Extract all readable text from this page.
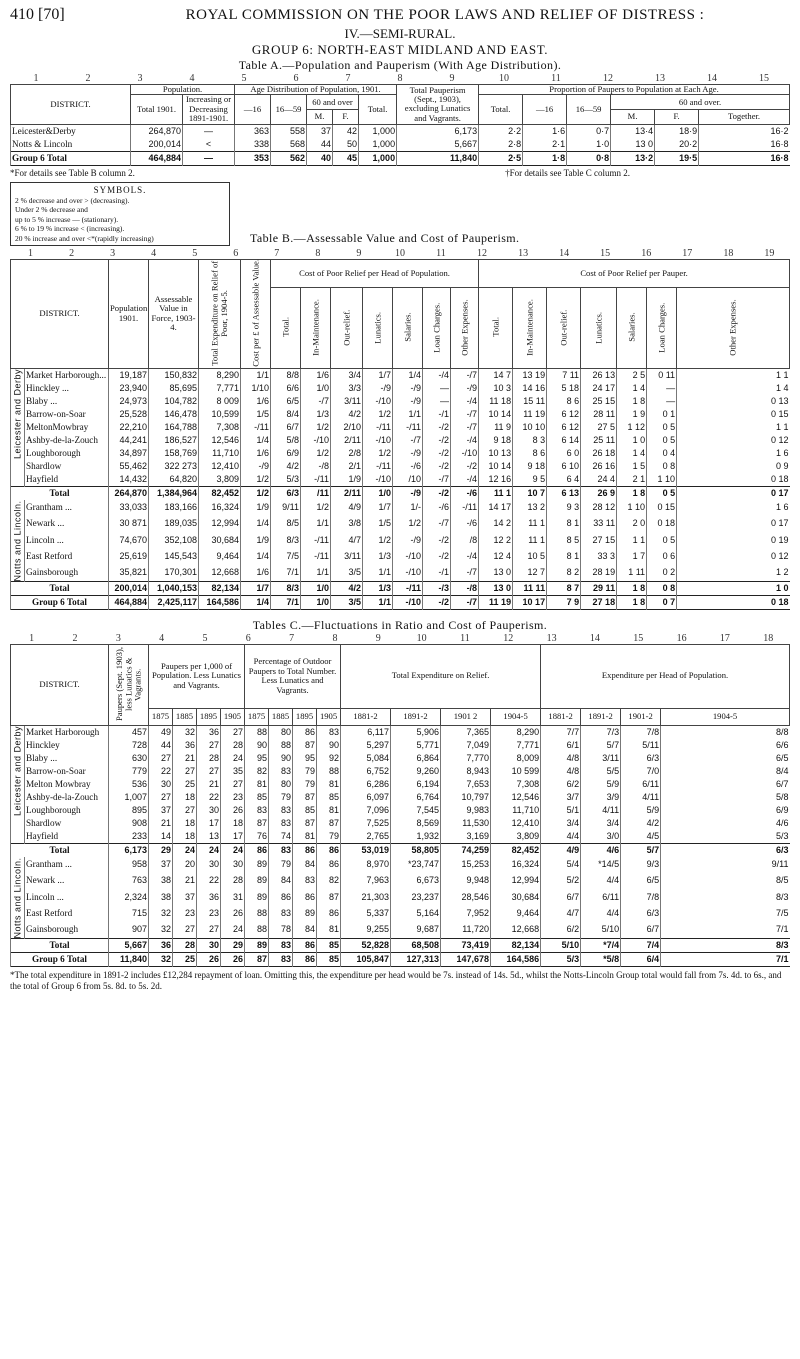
410 [70]	ROYAL COMMISSION ON THE POOR LAWS AND RELIEF OF DISTRESS :
IV.—SEMI-RURAL.
GROUP 6: NORTH-EAST MIDLAND AND EAST.
Table A.—Population and Pauperism (With Age Distribution).
1	2	3	4	5	6	7	8	9	10	11	12	13	14	15
DISTRICT.	Population.		Age Distribution of Population, 1901.					Total Pauperism (Sept., 1903), excluding Lunatics and Vagrants.	Proportion of Paupers to Population at Each Age.					
	Total 1901.	Increasing or Decreasing 1891-1901.	—16	16—59	60 and over		Total.		Total.	—16	16—59	60 and over.		
					M.	F.						M.	F.	Together.
Leicester&Derby	264,870	—	363	558	37	42	1,000	6,173	2·2	1·6	0·7	13·4	18·9	16·2
Notts & Lincoln	200,014	<	338	568	44	50	1,000	5,667	2·8	2·1	1·0	13 0	20·2	16·8
Group 6 Total	464,884	—	353	562	40	45	1,000	11,840	2·5	1·8	0·8	13·2	19·5	16·8
*For details see Table B column 2.	†For details see Table C column 2.
SYMBOLS.
2 % decrease and over > (decreasing).
Under 2 % decrease and
up to 5 % increase — (stationary).
6 % to 19 % increase < (increasing).
20 % increase and over <*(rapidly increasing)	Table B.—Assessable Value and Cost of Pauperism.
1	2	3	4	5	6	7	8	9	10	11	12	13	14	15	16	17	18	19
DISTRICT.		Population 1901.	Assessable Value in Force, 1903-4.	Total Expenditure on Relief of Poor, 1904-5.	Cost per £ of Assessable Value.	Cost of Poor Relief per Head of Population.							Cost of Poor Relief per Pauper.						
						Total.	In-Maintenance.	Out-relief.	Lunatics.	Salaries.	Loan Charges.	Other Expenses.	Total.	In-Maintenance.	Out-relief.	Lunatics.	Salaries.	Loan Charges.	Other Expenses.
Leicester and Derby	Market Harborough...	19,187	150,832	8,290	1/1	8/8	1/6	3/4	1/7	1/4	-/4	-/7	14 7	13 19	7 11	26 13	2 5	0 11	1 1
	Hinckley ...	23,940	85,695	7,771	1/10	6/6	1/0	3/3	-/9	-/9	—	-/9	10 3	14 16	5 18	24 17	1 4	—	1 4
	Blaby ...	24,973	104,782	8 009	1/6	6/5	-/7	3/11	-/10	-/9	—	-/4	11 18	15 11	8 6	25 15	1 8	—	0 13
	Barrow-on-Soar	25,528	146,478	10,599	1/5	8/4	1/3	4/2	1/2	1/1	-/1	-/7	10 14	11 19	6 12	28 11	1 9	0 1	0 15
	MeltonMowbray	22,210	164,788	7,308	-/11	6/7	1/2	2/10	-/11	-/11	-/2	-/7	11 9	10 10	6 12	27 5	1 12	0 5	1 1
	Ashby-de-la-Zouch	44,241	186,527	12,546	1/4	5/8	-/10	2/11	-/10	-/7	-/2	-/4	9 18	8 3	6 14	25 11	1 0	0 5	0 12
	Loughborough	34,897	158,769	11,710	1/6	6/9	1/2	2/8	1/2	-/9	-/2	-/10	10 13	8 6	6 0	26 18	1 4	0 4	1 6
	Shardlow	55,462	322 273	12,410	-/9	4/2	-/8	2/1	-/11	-/6	-/2	-/2	10 14	9 18	6 10	26 16	1 5	0 8	0 9
	Hayfield	14,432	64,820	3,809	1/2	5/3	-/11	1/9	-/10	/10	-/7	-/4	12 16	9 5	6 4	24 4	2 1	1 10	0 18
Total		264,870	1,384,964	82,452	1/2	6/3	/11	2/11	1/0	-/9	-/2	-/6	11 1	10 7	6 13	26 9	1 8	0 5	0 17
Notts and Lincoln.	Grantham ...	33,033	183,166	16,324	1/9	9/11	1/2	4/9	1/7	1/-	-/6	-/11	14 17	13 2	9 3	28 12	1 10	0 15	1 6
	Newark ...	30 871	189,035	12,994	1/4	8/5	1/1	3/8	1/5	1/2	-/7	-/6	14 2	11 1	8 1	33 11	2 0	0 18	0 17
	Lincoln ...	74,670	352,108	30,684	1/9	8/3	-/11	4/7	1/2	-/9	-/2	/8	12 2	11 1	8 5	27 15	1 1	0 5	0 19
	East Retford	25,619	145,543	9,464	1/4	7/5	-/11	3/11	1/3	-/10	-/2	-/4	12 4	10 5	8 1	33 3	1 7	0 6	0 12
	Gainsborough	35,821	170,301	12,668	1/6	7/1	1/1	3/5	1/1	-/10	-/1	-/7	13 0	12 7	8 2	28 19	1 11	0 2	1 2
Total		200,014	1,040,153	82,134	1/7	8/3	1/0	4/2	1/3	-/11	-/3	-/8	13 0	11 11	8 7	29 11	1 8	0 8	1 0
Group 6 Total		464,884	2,425,117	164,586	1/4	7/1	1/0	3/5	1/1	-/10	-/2	-/7	11 19	10 17	7 9	27 18	1 8	0 7	0 18
Tables C.—Fluctuations in Ratio and Cost of Pauperism.
1	2	3	4	5	6	7	8	9	10	11	12	13	14	15	16	17	18
DISTRICT.		Paupers (Sept. 1903), less Lunatics & Vagrants.	Paupers per 1,000 of Population. Less Lunatics and Vagrants.				Percentage of Outdoor Paupers to Total Number. Less Lunatics and Vagrants.				Total Expenditure on Relief.				Expenditure per Head of Population.			
			1875	1885	1895	1905	1875	1885	1895	1905	1881-2	1891-2	1901 2	1904-5	1881-2	1891-2	1901-2	1904-5
Leicester and Derby	Market Harborough	457	49	32	36	27	88	80	86	83	6,117	5,906	7,365	8,290	7/7	7/3	7/8	8/8
	Hinckley	728	44	36	27	28	90	88	87	90	5,297	5,771	7,049	7,771	6/1	5/7	5/11	6/6
	Blaby ...	630	27	21	28	24	95	90	95	92	5,084	6,864	7,770	8,009	4/8	3/11	6/3	6/5
	Barrow-on-Soar	779	22	27	27	35	82	83	79	88	6,752	9,260	8,943	10 599	4/8	5/5	7/0	8/4
	Melton Mowbray	536	30	25	21	27	81	80	79	81	6,286	6,194	7,653	7,308	6/2	5/9	6/11	6/7
	Ashby-de-la-Zouch	1,007	27	18	22	23	85	79	87	85	6,097	6,764	10,797	12,546	3/7	3/9	4/11	5/8
	Loughborough	895	37	27	30	26	83	83	85	81	7,096	7,545	9,983	11,710	5/1	4/11	5/9	6/9
	Shardlow	908	21	18	17	18	87	83	87	87	7,525	8,569	11,530	12,410	3/4	3/4	4/2	4/6
	Hayfield	233	14	18	13	17	76	74	81	79	2,765	1,932	3,169	3,809	4/4	3/0	4/5	5/3
Total		6,173	29	24	24	24	86	83	86	86	53,019	58,805	74,259	82,452	4/9	4/6	5/7	6/3
Notts and Lincoln.	Grantham ...	958	37	20	30	30	89	79	84	86	8,970	*23,747	15,253	16,324	5/4	*14/5	9/3	9/11
	Newark ...	763	38	21	22	28	89	84	83	82	7,963	6,673	9,948	12,994	5/2	4/4	6/5	8/5
	Lincoln ...	2,324	38	37	36	31	89	86	86	87	21,303	23,237	28,546	30,684	6/7	6/11	7/8	8/3
	East Retford	715	32	23	23	26	88	83	89	86	5,337	5,164	7,952	9,464	4/7	4/4	6/3	7/5
	Gainsborough	907	32	27	27	24	88	78	84	81	9,255	9,687	11,720	12,668	6/2	5/10	6/7	7/1
Total		5,667	36	28	30	29	89	83	86	85	52,828	68,508	73,419	82,134	5/10	*7/4	7/4	8/3
Group 6 Total		11,840	32	25	26	26	87	83	86	85	105,847	127,313	147,678	164,586	5/3	*5/8	6/4	7/1
*The total expenditure in 1891-2 includes £12,284 repayment of loan. Omitting this, the expenditure per head would be 7s. instead of 14s. 5d., whilst the Notts-Lincoln Group total would fall from 7s. 4d. to 6s., and the total of Group 6 from 5s. 8d. to 5s. 2d.
